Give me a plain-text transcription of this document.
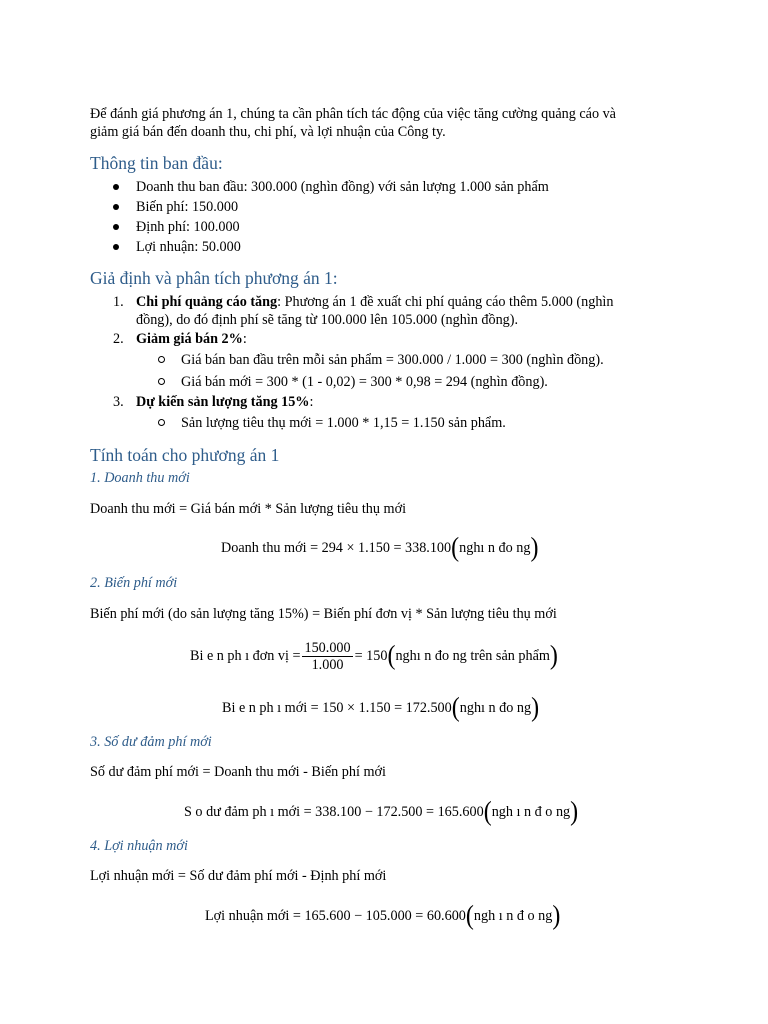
Để đánh giá phương án 1, chúng ta cần phân tích tác động của việc tăng cường quảng cáo và
giảm giá bán đến doanh thu, chi phí, và lợi nhuận của Công ty.
Thông tin ban đầu:
Doanh thu ban đầu: 300.000 (nghìn đồng) với sản lượng 1.000 sản phẩm
Biến phí: 150.000
Định phí: 100.000
Lợi nhuận: 50.000
Giả định và phân tích phương án 1:
1. Chi phí quảng cáo tăng: Phương án 1 đề xuất chi phí quảng cáo thêm 5.000 (nghìn
đồng), do đó định phí sẽ tăng từ 100.000 lên 105.000 (nghìn đồng).
2. Giảm giá bán 2%:
Giá bán ban đầu trên mỗi sản phẩm = 300.000 / 1.000 = 300 (nghìn đồng).
Giá bán mới = 300 * (1 - 0,02) = 300 * 0,98 = 294 (nghìn đồng).
3. Dự kiến sản lượng tăng 15%:
Sản lượng tiêu thụ mới = 1.000 * 1,15 = 1.150 sản phẩm.
Tính toán cho phương án 1
1. Doanh thu mới
Doanh thu mới = Giá bán mới * Sản lượng tiêu thụ mới
Doanh thu mới = 294 × 1.150 = 338.100 ( nghı n đo ng )
2. Biến phí mới
Biến phí mới (do sản lượng tăng 15%) = Biến phí đơn vị * Sản lượng tiêu thụ mới
Bi e n ph ı đơn vị = $\frac{150.000}{1.000} = 150$ ( nghı n đo ng trên sản phẩm )
Bi e n ph ı mới = 150 × 1.150 = 172.500 ( nghı n đo ng )
3. Số dư đảm phí mới
Số dư đảm phí mới = Doanh thu mới - Biến phí mới
S o dư đảm ph ı mới = 338.100 − 172.500 = 165.600 ( ngh ı n đ o ng )
4. Lợi nhuận mới
Lợi nhuận mới = Số dư đảm phí mới - Định phí mới
Lợi nhuận mới = 165.600 − 105.000 = 60.600 ( ngh ı n đ o ng )
